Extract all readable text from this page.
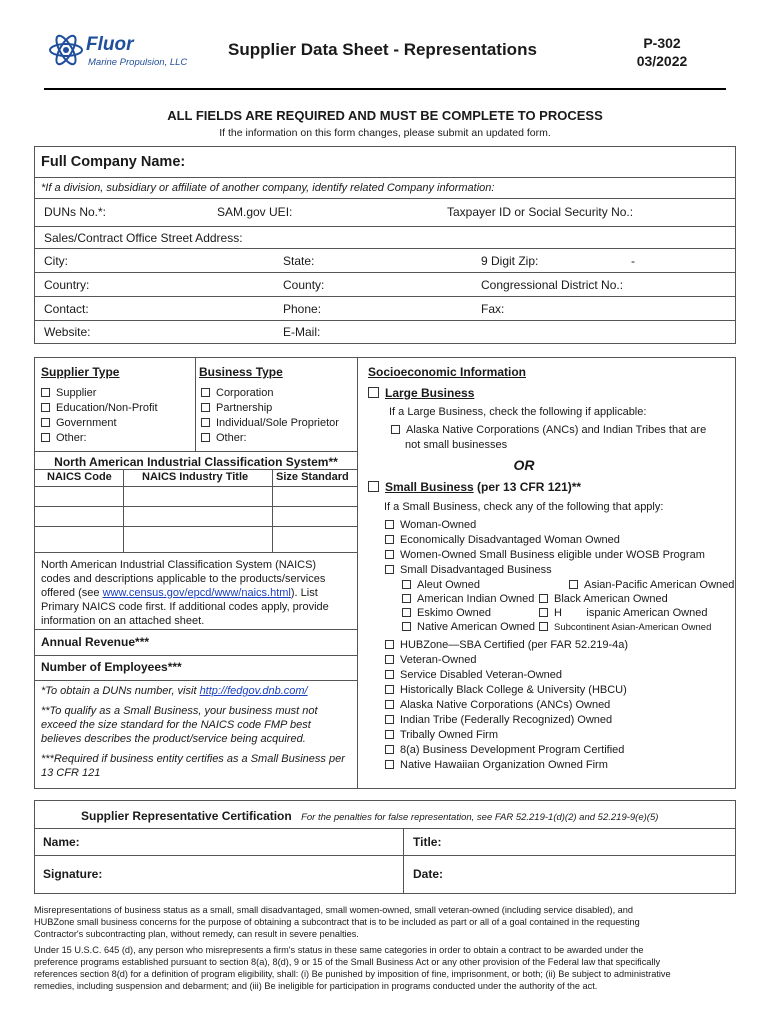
Fluor
Marine Propulsion, LLC
Supplier Data Sheet - Representations	P-302
03/2022
ALL FIELDS ARE REQUIRED AND MUST BE COMPLETE TO PROCESS
If the information on this form changes, please submit an updated form.
Full Company Name:
*If a division, subsidiary or affiliate of another company, identify related Company information:
DUNs No.*:	SAM.gov UEI:	Taxpayer ID or Social Security No.:
Sales/Contract Office Street Address:
City:	State:	9 Digit Zip:	-
Country:	County:	Congressional District No.:
Contact:	Phone:	Fax:
Website:	E-Mail:
Supplier Type	Business Type
Supplier
Education/Non-Profit
Government
Other:
Corporation
Partnership
Individual/Sole Proprietor
Other:
North American Industrial Classification System**
NAICS Code	NAICS Industry Title	Size Standard
North American Industrial Classification System (NAICS)
codes and descriptions applicable to the products/services
offered (see www.census.gov/epcd/www/naics.html). List
Primary NAICS code first. If additional codes apply, provide
information on an attached sheet.
Annual Revenue***
Number of Employees***
*To obtain a DUNs number, visit http://fedgov.dnb.com/
**To qualify as a Small Business, your business must not
exceed the size standard for the NAICS code FMP best
believes describes the product/service being acquired.
***Required if business entity certifies as a Small Business per
13 CFR 121
Socioeconomic Information
Large Business
If a Large Business, check the following if applicable:
Alaska Native Corporations (ANCs) and Indian Tribes that are
not small businesses
OR
Small Business (per 13 CFR 121)**
If a Small Business, check any of the following that apply:
Woman-Owned
Economically Disadvantaged Woman Owned
Women-Owned Small Business eligible under WOSB Program
Small Disadvantaged Business
Aleut Owned
American Indian Owned
Eskimo Owned
Native American Owned
Asian-Pacific American Owned
Black American Owned
H        ispanic American Owned
Subcontinent Asian-American Owned
HUBZone—SBA Certified (per FAR 52.219-4a)
Veteran-Owned
Service Disabled Veteran-Owned
Historically Black College & University (HBCU)
Alaska Native Corporations (ANCs) Owned
Indian Tribe (Federally Recognized) Owned
Tribally Owned Firm
8(a) Business Development Program Certified
Native Hawaiian Organization Owned Firm
Supplier Representative Certification For the penalties for false representation, see FAR 52.219-1(d)(2) and 52.219-9(e)(5)
Name:	Title:
Signature:	Date:
Misrepresentations of business status as a small, small disadvantaged, small women-owned, small veteran-owned (including service disabled), and
HUBZone small business concerns for the purpose of obtaining a subcontract that is to be included as part or all of a goal contained in the requesting
Contractor's subcontracting plan, without remedy, can result in severe penalties.
Under 15 U.S.C. 645 (d), any person who misrepresents a firm's status in these same categories in order to obtain a contract to be awarded under the
preference programs established pursuant to section 8(a), 8(d), 9 or 15 of the Small Business Act or any other provision of the Federal law that specifically
references section 8(d) for a definition of program eligibility, shall: (i) Be punished by imposition of fine, imprisonment, or both; (ii) Be subject to administrative
remedies, including suspension and debarment; and (iii) Be ineligible for participation in programs conducted under the authority of the act.
